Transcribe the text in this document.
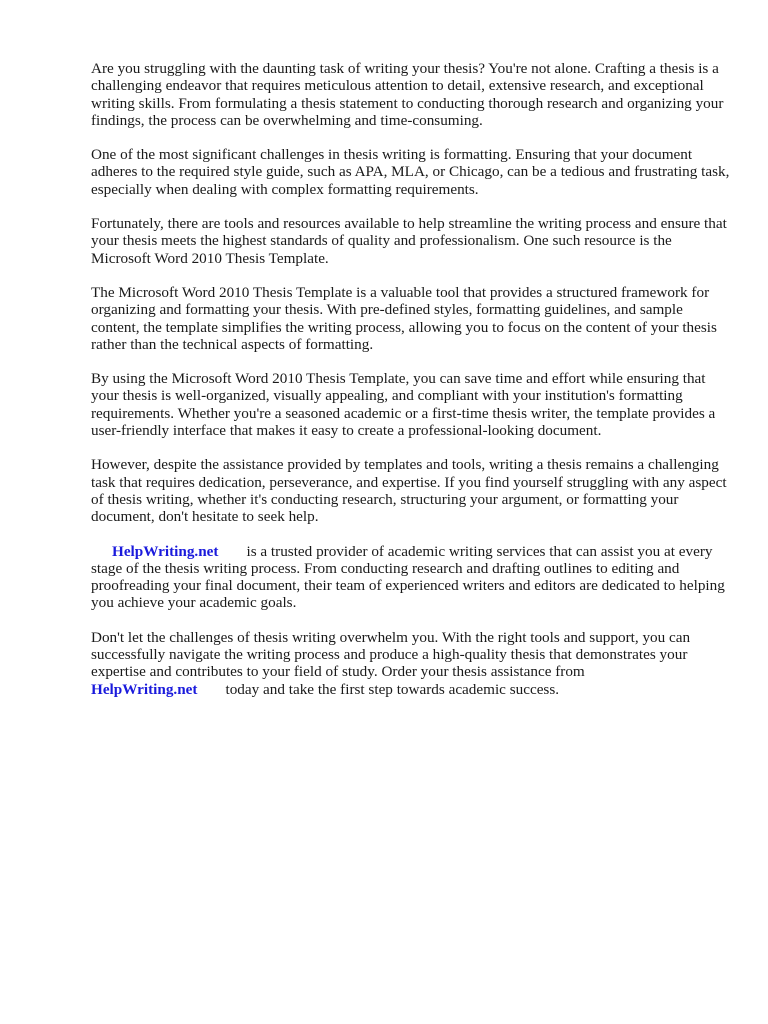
Are you struggling with the daunting task of writing your thesis? You're not alone. Crafting a thesis is a challenging endeavor that requires meticulous attention to detail, extensive research, and exceptional writing skills. From formulating a thesis statement to conducting thorough research and organizing your findings, the process can be overwhelming and time-consuming.

One of the most significant challenges in thesis writing is formatting. Ensuring that your document adheres to the required style guide, such as APA, MLA, or Chicago, can be a tedious and frustrating task, especially when dealing with complex formatting requirements.

Fortunately, there are tools and resources available to help streamline the writing process and ensure that your thesis meets the highest standards of quality and professionalism. One such resource is the Microsoft Word 2010 Thesis Template.

The Microsoft Word 2010 Thesis Template is a valuable tool that provides a structured framework for organizing and formatting your thesis. With pre-defined styles, formatting guidelines, and sample content, the template simplifies the writing process, allowing you to focus on the content of your thesis rather than the technical aspects of formatting.

By using the Microsoft Word 2010 Thesis Template, you can save time and effort while ensuring that your thesis is well-organized, visually appealing, and compliant with your institution's formatting requirements. Whether you're a seasoned academic or a first-time thesis writer, the template provides a user-friendly interface that makes it easy to create a professional-looking document.

However, despite the assistance provided by templates and tools, writing a thesis remains a challenging task that requires dedication, perseverance, and expertise. If you find yourself struggling with any aspect of thesis writing, whether it's conducting research, structuring your argument, or formatting your document, don't hesitate to seek help.

HelpWriting.net is a trusted provider of academic writing services that can assist you at every stage of the thesis writing process. From conducting research and drafting outlines to editing and proofreading your final document, their team of experienced writers and editors are dedicated to helping you achieve your academic goals.

Don't let the challenges of thesis writing overwhelm you. With the right tools and support, you can successfully navigate the writing process and produce a high-quality thesis that demonstrates your expertise and contributes to your field of study. Order your thesis assistance from
HelpWriting.net today and take the first step towards academic success.
